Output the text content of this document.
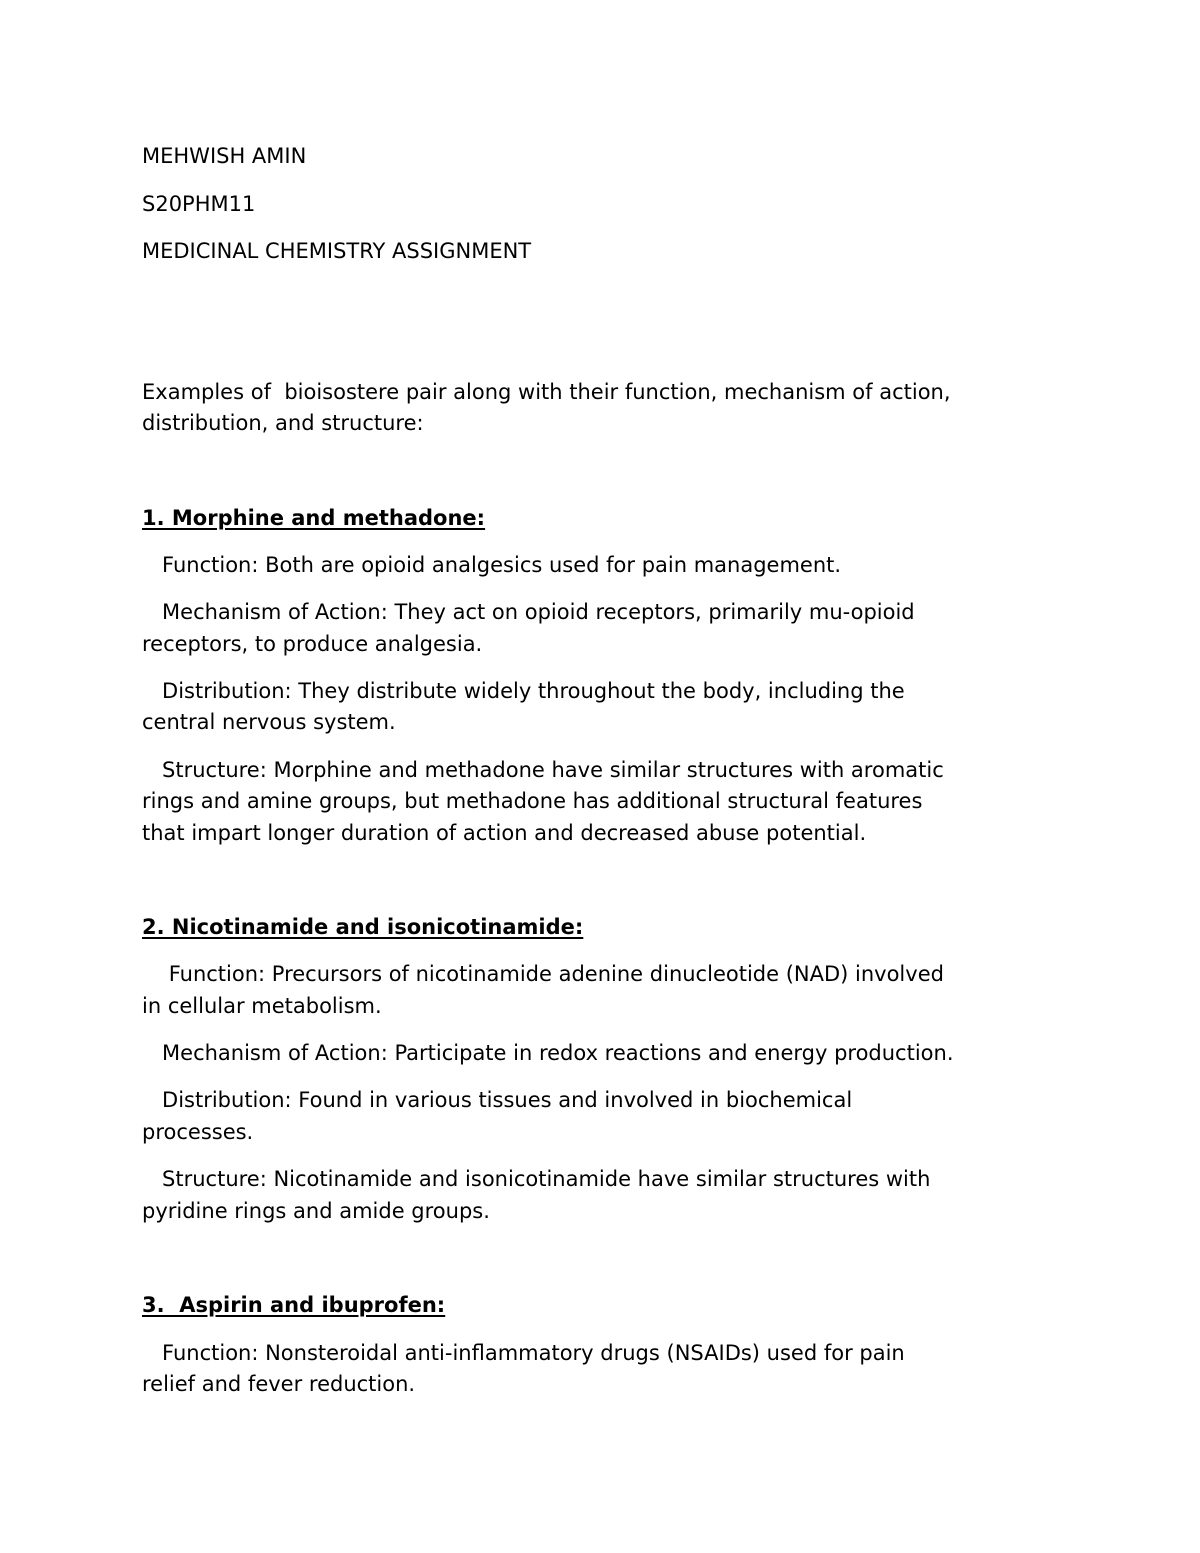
MEHWISH AMIN

S20PHM11

MEDICINAL CHEMISTRY ASSIGNMENT

Examples of  bioisostere pair along with their function, mechanism of action,

distribution, and structure:

1. Morphine and methadone:

Function: Both are opioid analgesics used for pain management.

Mechanism of Action: They act on opioid receptors, primarily mu-opioid

receptors, to produce analgesia.

Distribution: They distribute widely throughout the body, including the

central nervous system.

Structure: Morphine and methadone have similar structures with aromatic

rings and amine groups, but methadone has additional structural features

that impart longer duration of action and decreased abuse potential.

2. Nicotinamide and isonicotinamide:

Function: Precursors of nicotinamide adenine dinucleotide (NAD) involved

in cellular metabolism.

Mechanism of Action: Participate in redox reactions and energy production.

Distribution: Found in various tissues and involved in biochemical

processes.

Structure: Nicotinamide and isonicotinamide have similar structures with

pyridine rings and amide groups.

3.  Aspirin and ibuprofen:

Function: Nonsteroidal anti-inflammatory drugs (NSAIDs) used for pain

relief and fever reduction.
